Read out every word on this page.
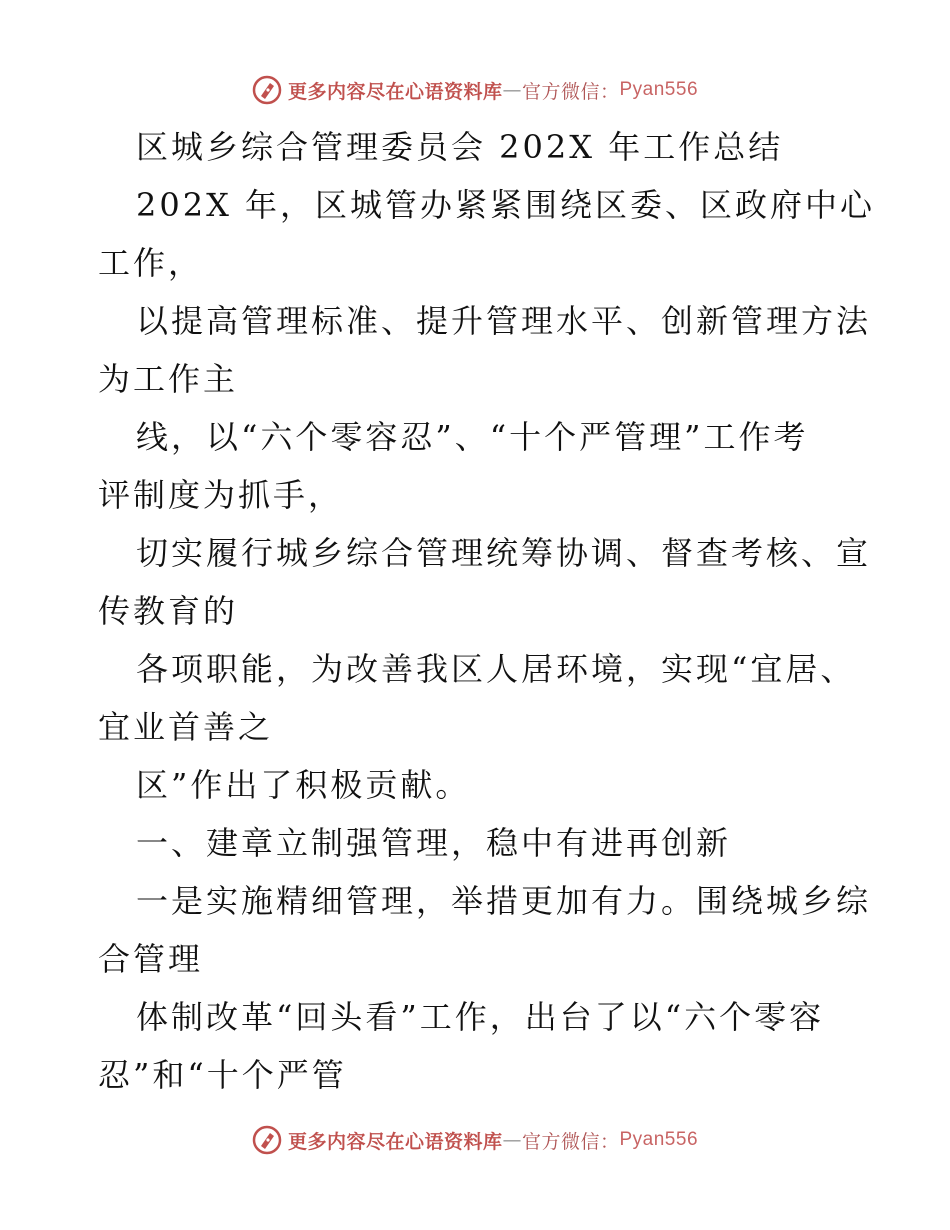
更多内容尽在心语资料库 — 官方微信： Pyan556
区城乡综合管理委员会 202X 年工作总结
202X 年，区城管办紧紧围绕区委、区政府中心
工作，
以提高管理标准、提升管理水平、创新管理方法
为工作主
线，以“六个零容忍”、“十个严管理”工作考
评制度为抓手，
切实履行城乡综合管理统筹协调、督查考核、宣
传教育的
各项职能，为改善我区人居环境，实现“宜居、
宜业首善之
区”作出了积极贡献。
一、建章立制强管理，稳中有进再创新
一是实施精细管理，举措更加有力。围绕城乡综
合管理
体制改革“回头看”工作，出台了以“六个零容
忍”和“十个严管
更多内容尽在心语资料库 — 官方微信： Pyan556
